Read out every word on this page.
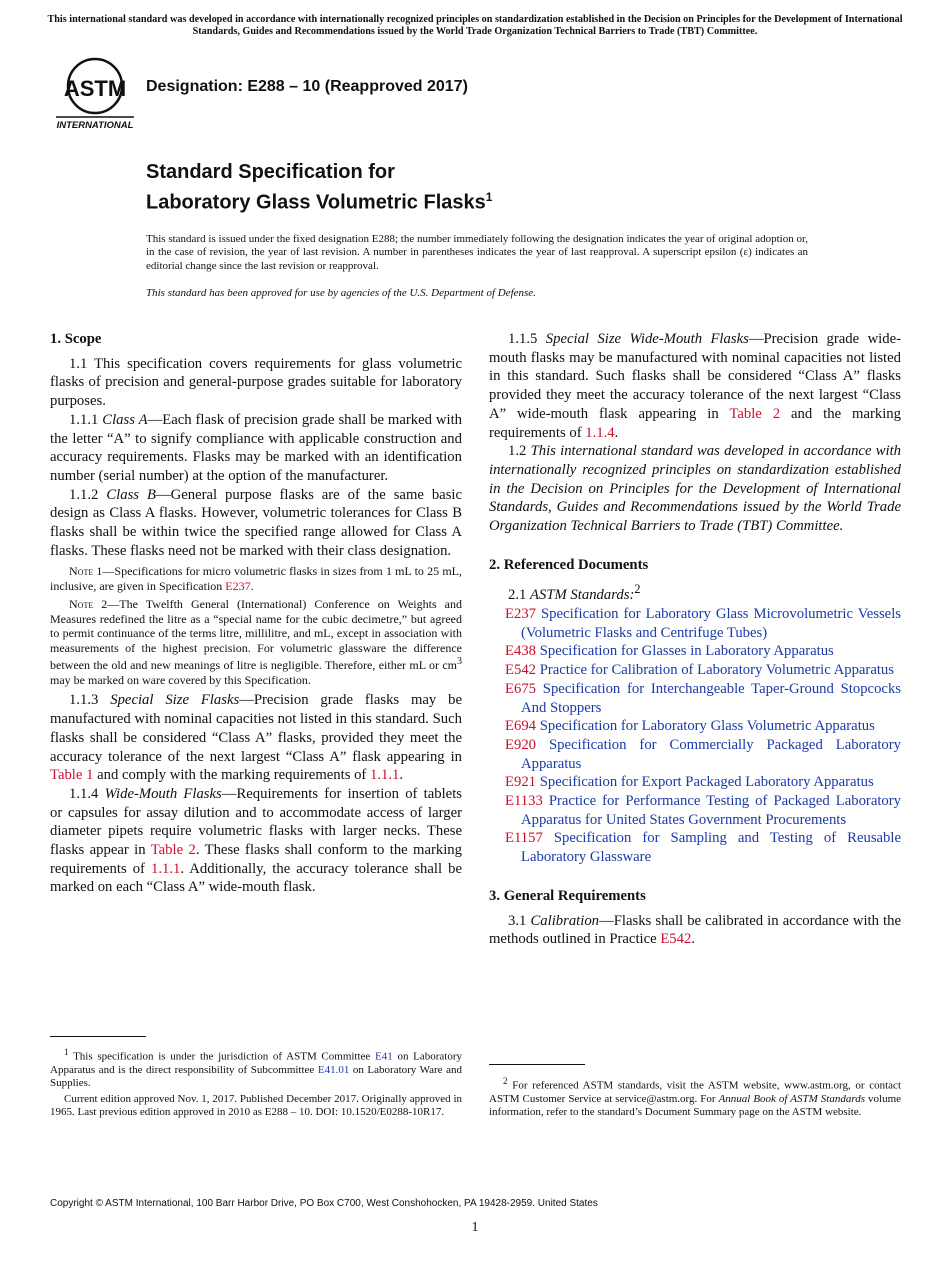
This international standard was developed in accordance with internationally recognized principles on standardization established in the Decision on Principles for the Development of International Standards, Guides and Recommendations issued by the World Trade Organization Technical Barriers to Trade (TBT) Committee.
ASTM
INTERNATIONAL
Designation: E288 – 10 (Reapproved 2017)
Standard Specification for
Laboratory Glass Volumetric Flasks$^1$
This standard is issued under the fixed designation E288; the number immediately following the designation indicates the year of original adoption or, in the case of revision, the year of last revision. A number in parentheses indicates the year of last reapproval. A superscript epsilon (ε) indicates an editorial change since the last revision or reapproval.
This standard has been approved for use by agencies of the U.S. Department of Defense.

1. Scope

1.1 This specification covers requirements for glass volumetric flasks of precision and general-purpose grades suitable for laboratory purposes.

1.1.1 Class A—Each flask of precision grade shall be marked with the letter “A” to signify compliance with applicable construction and accuracy requirements. Flasks may be marked with an identification number (serial number) at the option of the manufacturer.

1.1.2 Class B—General purpose flasks are of the same basic design as Class A flasks. However, volumetric tolerances for Class B flasks shall be within twice the specified range allowed for Class A flasks. These flasks need not be marked with their class designation.

Note 1—Specifications for micro volumetric flasks in sizes from 1 mL to 25 mL, inclusive, are given in Specification E237.

Note 2—The Twelfth General (International) Conference on Weights and Measures redefined the litre as a “special name for the cubic decimetre,” but agreed to permit continuance of the terms litre, millilitre, and mL, except in association with measurements of the highest precision. For volumetric glassware the difference between the old and new meanings of litre is negligible. Therefore, either mL or $cm^3$ may be marked on ware covered by this Specification.

1.1.3 Special Size Flasks—Precision grade flasks may be manufactured with nominal capacities not listed in this standard. Such flasks shall be considered “Class A” flasks, provided they meet the accuracy tolerance of the next largest “Class A” flask appearing in Table 1 and comply with the marking requirements of 1.1.1.

1.1.4 Wide-Mouth Flasks—Requirements for insertion of tablets or capsules for assay dilution and to accommodate access of larger diameter pipets require volumetric flasks with larger necks. These flasks appear in Table 2. These flasks shall conform to the marking requirements of 1.1.1. Additionally, the accuracy tolerance shall be marked on each “Class A” wide-mouth flask.

1.1.5 Special Size Wide-Mouth Flasks—Precision grade wide-mouth flasks may be manufactured with nominal capacities not listed in this standard. Such flasks shall be considered “Class A” flasks provided they meet the accuracy tolerance of the next largest “Class A” wide-mouth flask appearing in Table 2 and the marking requirements of 1.1.4.

1.2 This international standard was developed in accordance with internationally recognized principles on standardization established in the Decision on Principles for the Development of International Standards, Guides and Recommendations issued by the World Trade Organization Technical Barriers to Trade (TBT) Committee.

2. Referenced Documents

2.1 ASTM Standards:$^2$

E237 Specification for Laboratory Glass Microvolumetric Vessels (Volumetric Flasks and Centrifuge Tubes)
E438 Specification for Glasses in Laboratory Apparatus
E542 Practice for Calibration of Laboratory Volumetric Apparatus
E675 Specification for Interchangeable Taper-Ground Stopcocks And Stoppers
E694 Specification for Laboratory Glass Volumetric Apparatus
E920 Specification for Commercially Packaged Laboratory Apparatus
E921 Specification for Export Packaged Laboratory Apparatus
E1133 Practice for Performance Testing of Packaged Laboratory Apparatus for United States Government Procurements
E1157 Specification for Sampling and Testing of Reusable Laboratory Glassware

3. General Requirements

3.1 Calibration—Flasks shall be calibrated in accordance with the methods outlined in Practice E542.

$^1$ This specification is under the jurisdiction of ASTM Committee E41 on Laboratory Apparatus and is the direct responsibility of Subcommittee E41.01 on Laboratory Ware and Supplies.

Current edition approved Nov. 1, 2017. Published December 2017. Originally approved in 1965. Last previous edition approved in 2010 as E288 – 10. DOI: 10.1520/E0288-10R17.

$^2$ For referenced ASTM standards, visit the ASTM website, www.astm.org, or contact ASTM Customer Service at service@astm.org. For Annual Book of ASTM Standards volume information, refer to the standard’s Document Summary page on the ASTM website.

Copyright © ASTM International, 100 Barr Harbor Drive, PO Box C700, West Conshohocken, PA 19428-2959. United States
1
